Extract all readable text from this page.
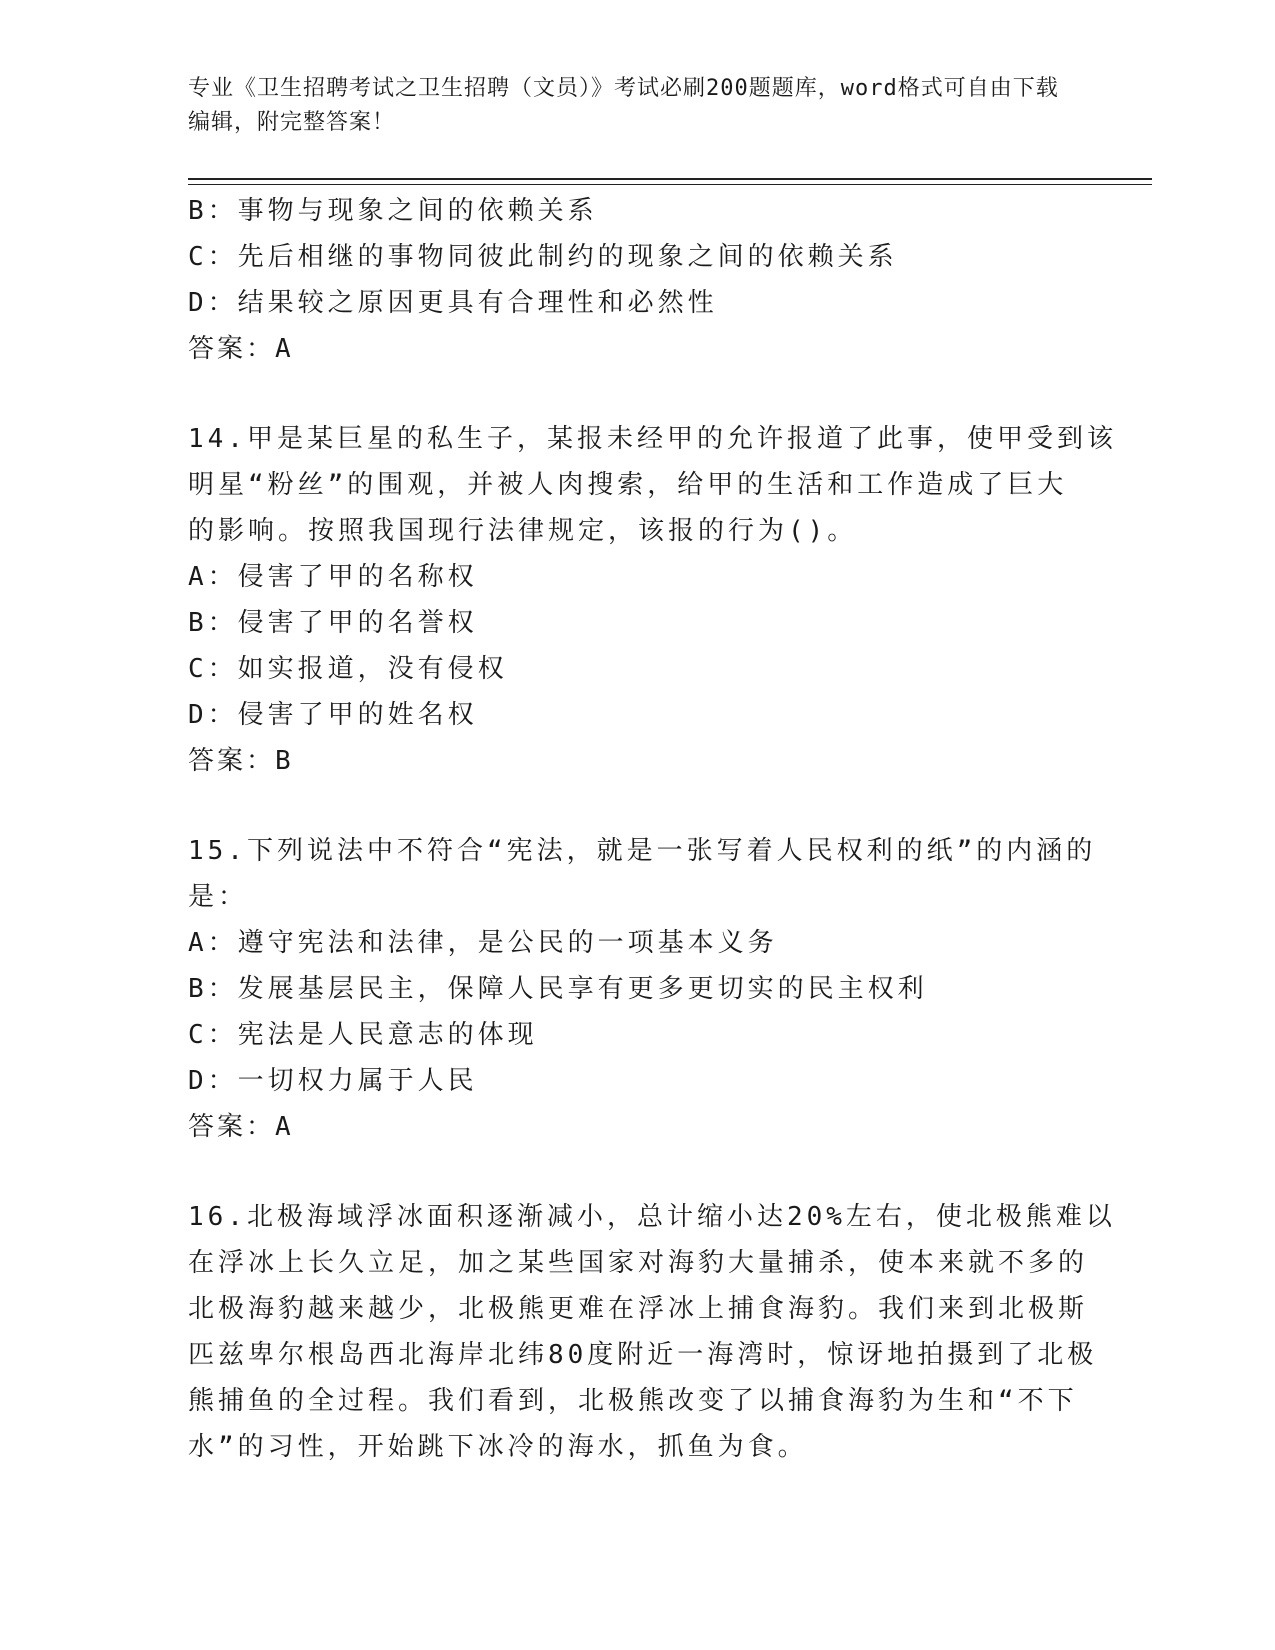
专业《卫生招聘考试之卫生招聘（文员）》考试必刷200题题库，word格式可自由下载编辑，附完整答案！
B：事物与现象之间的依赖关系
C：先后相继的事物同彼此制约的现象之间的依赖关系
D：结果较之原因更具有合理性和必然性
答案：A
14.甲是某巨星的私生子，某报未经甲的允许报道了此事，使甲受到该
明星“粉丝”的围观，并被人肉搜索，给甲的生活和工作造成了巨大
的影响。按照我国现行法律规定，该报的行为()。
A：侵害了甲的名称权
B：侵害了甲的名誉权
C：如实报道，没有侵权
D：侵害了甲的姓名权
答案：B
15.下列说法中不符合“宪法，就是一张写着人民权利的纸”的内涵的
是：
A：遵守宪法和法律，是公民的一项基本义务
B：发展基层民主，保障人民享有更多更切实的民主权利
C：宪法是人民意志的体现
D：一切权力属于人民
答案：A
16.北极海域浮冰面积逐渐减小，总计缩小达20%左右，使北极熊难以
在浮冰上长久立足，加之某些国家对海豹大量捕杀，使本来就不多的
北极海豹越来越少，北极熊更难在浮冰上捕食海豹。我们来到北极斯
匹兹卑尔根岛西北海岸北纬80度附近一海湾时，惊讶地拍摄到了北极
熊捕鱼的全过程。我们看到，北极熊改变了以捕食海豹为生和“不下
水”的习性，开始跳下冰冷的海水，抓鱼为食。
